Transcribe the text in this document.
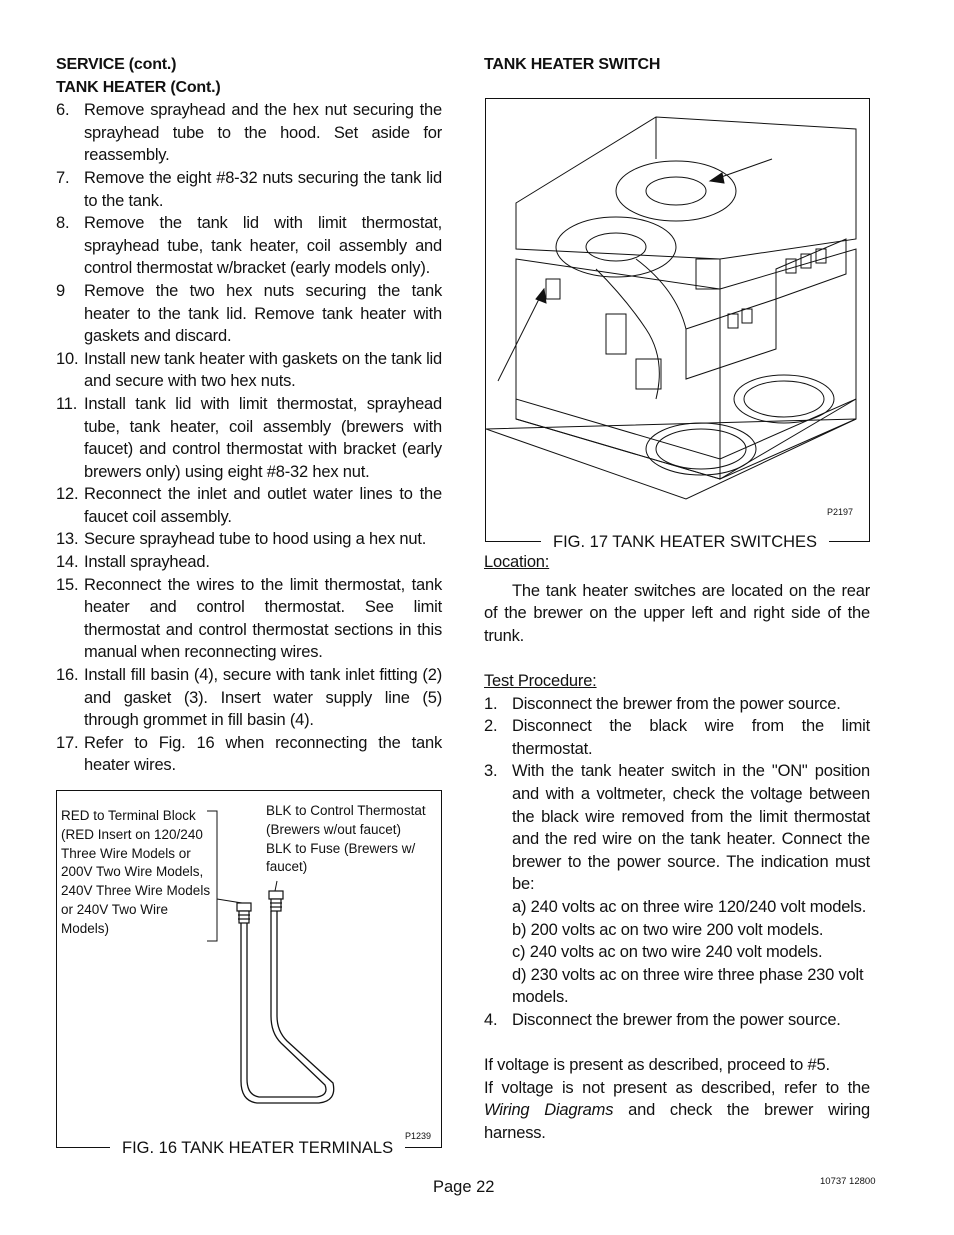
SERVICE (cont.)
TANK HEATER (Cont.)
6. Remove sprayhead and the hex nut securing the sprayhead tube to the hood. Set aside for reassembly.
7. Remove the eight #8-32 nuts securing the tank lid to the tank.
8. Remove the tank lid with limit thermostat, sprayhead tube, tank heater, coil assembly and control thermostat w/bracket (early models only).
9 Remove the two hex nuts securing the tank heater to the tank lid. Remove tank heater with gaskets and discard.
10. Install new tank heater with gaskets on the tank lid and secure with two hex nuts.
11. Install tank lid with limit thermostat, sprayhead tube, tank heater, coil assembly (brewers with faucet) and control thermostat with bracket (early brewers only) using eight #8-32 hex nut.
12. Reconnect the inlet and outlet water lines to the faucet coil assembly.
13. Secure sprayhead tube to hood using a hex nut.
14. Install sprayhead.
15. Reconnect the wires to the limit thermostat, tank heater and control thermostat. See limit thermostat and control thermostat sections in this manual when reconnecting wires.
16. Install fill basin (4), secure with tank inlet fitting (2) and gasket (3). Insert water supply line (5) through grommet in fill basin (4).
17. Refer to Fig. 16 when reconnecting the tank heater wires.
RED to Terminal Block (RED Insert on 120/240 Three Wire Models or 200V Two Wire Models, 240V Three Wire Models or 240V Two Wire Models)
BLK to Control Thermostat (Brewers w/out faucet)
BLK to Fuse (Brewers w/ faucet)
P1239
FIG. 16 TANK HEATER TERMINALS
TANK HEATER SWITCH
P2197
FIG. 17 TANK HEATER SWITCHES
Location:

The tank heater switches are located on the rear of the brewer on the upper left and right side of the trunk.

Test Procedure:
1. Disconnect the brewer from the power source.
2. Disconnect the black wire from the limit thermostat.
3. With the tank heater switch in the "ON" position and with a voltmeter, check the voltage between the black wire removed from the limit thermostat and the red wire on the tank heater. Connect the brewer to the power source. The indication must be:
a) 240 volts ac on three wire 120/240 volt models.
b) 200 volts ac on two wire 200 volt models.
c) 240 volts ac on two wire 240 volt models.
d) 230 volts ac on three wire three phase 230 volt models.
4. Disconnect the brewer from the power source.

If voltage is present as described, proceed to #5.

If voltage is not present as described, refer to the Wiring Diagrams and check the brewer wiring harness.

Page 22	10737 12800
